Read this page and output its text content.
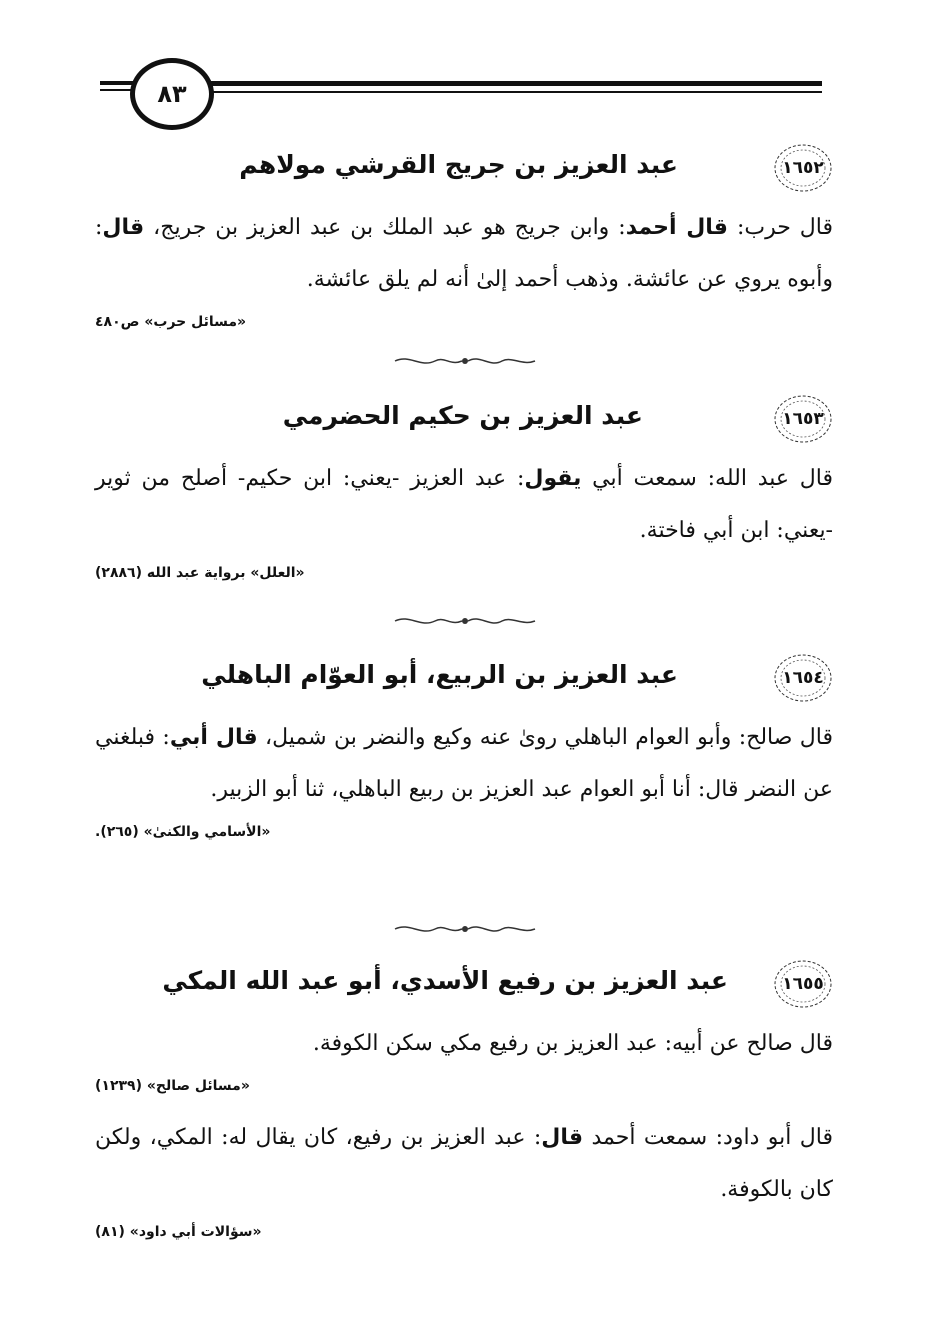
٨٣
١٦٥٢
عبد العزيز بن جريج القرشي مولاهم

قال حرب: قال أحمد: وابن جريج هو عبد الملك بن عبد العزيز بن جريج، قال: وأبوه يروي عن عائشة. وذهب أحمد إلىٰ أنه لم يلق عائشة.

«مسائل حرب» ص٤٨٠

١٦٥٣
عبد العزيز بن حكيم الحضرمي

قال عبد الله: سمعت أبي يقول: عبد العزيز -يعني: ابن حكيم- أصلح من ثوير -يعني: ابن أبي فاختة.

«العلل» برواية عبد الله (٢٨٨٦)

١٦٥٤
عبد العزيز بن الربيع، أبو العوّام الباهلي

قال صالح: وأبو العوام الباهلي روىٰ عنه وكيع والنضر بن شميل، قال أبي: فبلغني عن النضر قال: أنا أبو العوام عبد العزيز بن ربيع الباهلي، ثنا أبو الزبير.

«الأسامي والكنىٰ» (٢٦٥).

١٦٥٥
عبد العزيز بن رفيع الأسدي، أبو عبد الله المكي

قال صالح عن أبيه: عبد العزيز بن رفيع مكي سكن الكوفة.

«مسائل صالح» (١٢٣٩)

قال أبو داود: سمعت أحمد قال: عبد العزيز بن رفيع، كان يقال له: المكي، ولكن كان بالكوفة.

«سؤالات أبي داود» (٨١)
